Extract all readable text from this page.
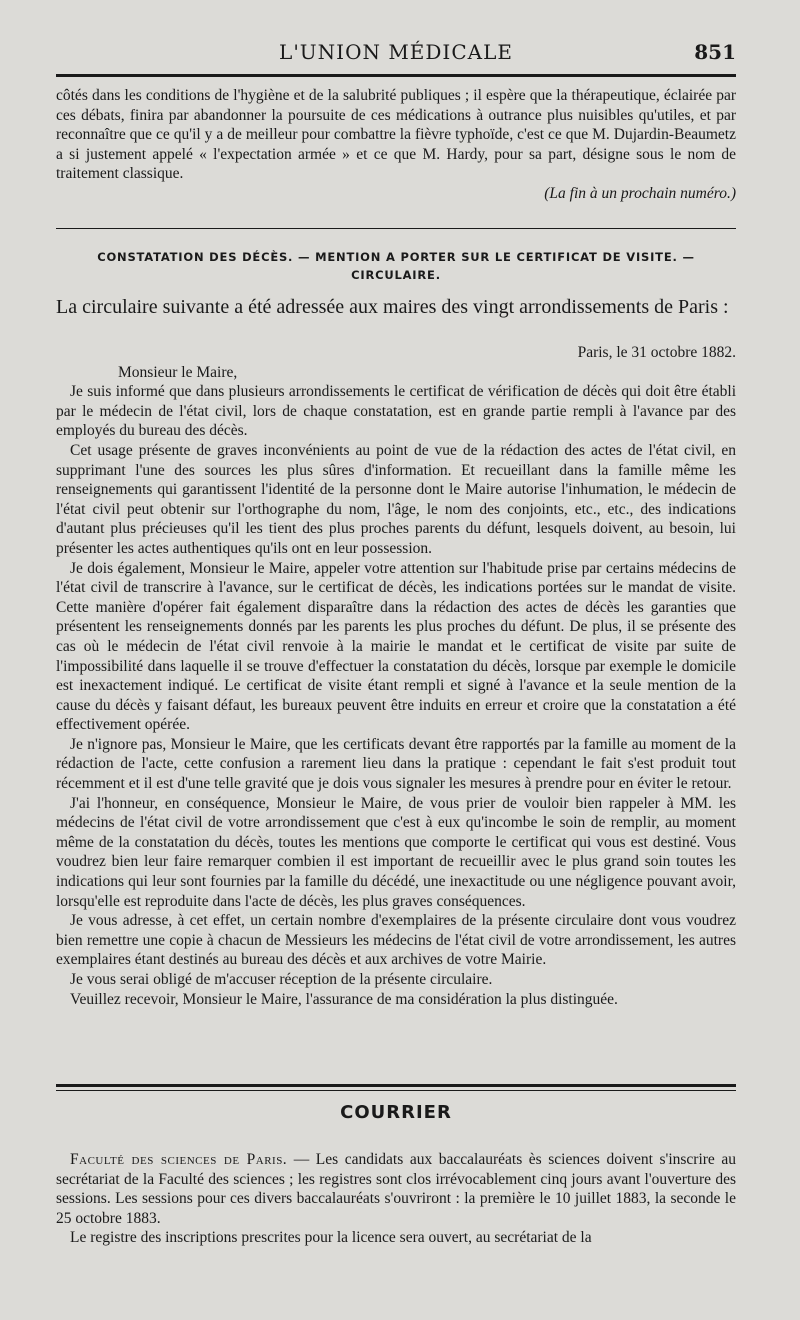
L'UNION MÉDICALE	851

côtés dans les conditions de l'hygiène et de la salubrité publiques ; il espère que la thérapeutique, éclairée par ces débats, finira par abandonner la poursuite de ces médications à outrance plus nuisibles qu'utiles, et par reconnaître que ce qu'il y a de meilleur pour combattre la fièvre typhoïde, c'est ce que M. Dujardin-Beaumetz a si justement appelé « l'expectation armée » et ce que M. Hardy, pour sa part, désigne sous le nom de traitement classique.

(La fin à un prochain numéro.)

CONSTATATION DES DÉCÈS. — MENTION A PORTER SUR LE CERTIFICAT DE VISITE. —
CIRCULAIRE.
La circulaire suivante a été adressée aux maires des vingt arrondissements de Paris :

Paris, le 31 octobre 1882.

Monsieur le Maire,

Je suis informé que dans plusieurs arrondissements le certificat de vérification de décès qui doit être établi par le médecin de l'état civil, lors de chaque constatation, est en grande partie rempli à l'avance par des employés du bureau des décès.

Cet usage présente de graves inconvénients au point de vue de la rédaction des actes de l'état civil, en supprimant l'une des sources les plus sûres d'information. Et recueillant dans la famille même les renseignements qui garantissent l'identité de la personne dont le Maire autorise l'inhumation, le médecin de l'état civil peut obtenir sur l'orthographe du nom, l'âge, le nom des conjoints, etc., etc., des indications d'autant plus précieuses qu'il les tient des plus proches parents du défunt, lesquels doivent, au besoin, lui présenter les actes authentiques qu'ils ont en leur possession.

Je dois également, Monsieur le Maire, appeler votre attention sur l'habitude prise par certains médecins de l'état civil de transcrire à l'avance, sur le certificat de décès, les indications portées sur le mandat de visite. Cette manière d'opérer fait également disparaître dans la rédaction des actes de décès les garanties que présentent les renseignements donnés par les parents les plus proches du défunt. De plus, il se présente des cas où le médecin de l'état civil renvoie à la mairie le mandat et le certificat de visite par suite de l'impossibilité dans laquelle il se trouve d'effectuer la constatation du décès, lorsque par exemple le domicile est inexactement indiqué. Le certificat de visite étant rempli et signé à l'avance et la seule mention de la cause du décès y faisant défaut, les bureaux peuvent être induits en erreur et croire que la constatation a été effectivement opérée.

Je n'ignore pas, Monsieur le Maire, que les certificats devant être rapportés par la famille au moment de la rédaction de l'acte, cette confusion a rarement lieu dans la pratique : cependant le fait s'est produit tout récemment et il est d'une telle gravité que je dois vous signaler les mesures à prendre pour en éviter le retour.

J'ai l'honneur, en conséquence, Monsieur le Maire, de vous prier de vouloir bien rappeler à MM. les médecins de l'état civil de votre arrondissement que c'est à eux qu'incombe le soin de remplir, au moment même de la constatation du décès, toutes les mentions que comporte le certificat qui vous est destiné. Vous voudrez bien leur faire remarquer combien il est important de recueillir avec le plus grand soin toutes les indications qui leur sont fournies par la famille du décédé, une inexactitude ou une négligence pouvant avoir, lorsqu'elle est reproduite dans l'acte de décès, les plus graves conséquences.

Je vous adresse, à cet effet, un certain nombre d'exemplaires de la présente circulaire dont vous voudrez bien remettre une copie à chacun de Messieurs les médecins de l'état civil de votre arrondissement, les autres exemplaires étant destinés au bureau des décès et aux archives de votre Mairie.

Je vous serai obligé de m'accuser réception de la présente circulaire.

Veuillez recevoir, Monsieur le Maire, l'assurance de ma considération la plus distinguée.

COURRIER

Faculté des sciences de Paris. — Les candidats aux baccalauréats ès sciences doivent s'inscrire au secrétariat de la Faculté des sciences ; les registres sont clos irrévocablement cinq jours avant l'ouverture des sessions. Les sessions pour ces divers baccalauréats s'ouvriront : la première le 10 juillet 1883, la seconde le 25 octobre 1883.

Le registre des inscriptions prescrites pour la licence sera ouvert, au secrétariat de la
